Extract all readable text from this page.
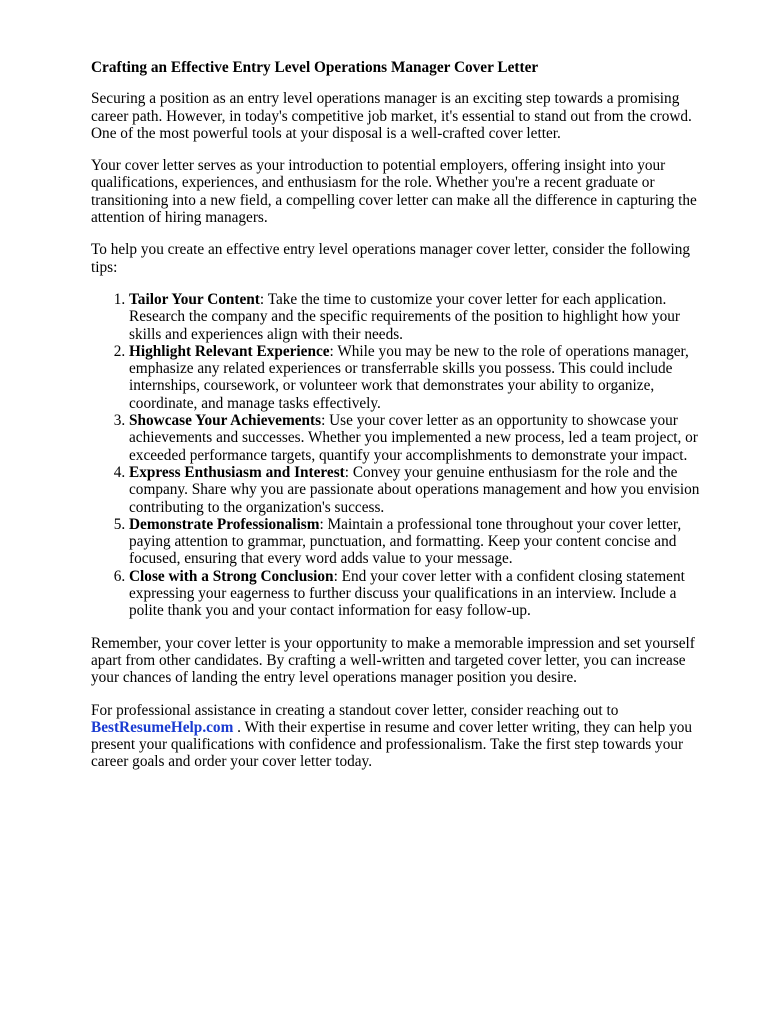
Crafting an Effective Entry Level Operations Manager Cover Letter

Securing a position as an entry level operations manager is an exciting step towards a promising career path. However, in today's competitive job market, it's essential to stand out from the crowd. One of the most powerful tools at your disposal is a well-crafted cover letter.

Your cover letter serves as your introduction to potential employers, offering insight into your qualifications, experiences, and enthusiasm for the role. Whether you're a recent graduate or transitioning into a new field, a compelling cover letter can make all the difference in capturing the attention of hiring managers.

To help you create an effective entry level operations manager cover letter, consider the following tips:

1. Tailor Your Content: Take the time to customize your cover letter for each application. Research the company and the specific requirements of the position to highlight how your skills and experiences align with their needs.
2. Highlight Relevant Experience: While you may be new to the role of operations manager, emphasize any related experiences or transferrable skills you possess. This could include internships, coursework, or volunteer work that demonstrates your ability to organize, coordinate, and manage tasks effectively.
3. Showcase Your Achievements: Use your cover letter as an opportunity to showcase your achievements and successes. Whether you implemented a new process, led a team project, or exceeded performance targets, quantify your accomplishments to demonstrate your impact.
4. Express Enthusiasm and Interest: Convey your genuine enthusiasm for the role and the company. Share why you are passionate about operations management and how you envision contributing to the organization's success.
5. Demonstrate Professionalism: Maintain a professional tone throughout your cover letter, paying attention to grammar, punctuation, and formatting. Keep your content concise and focused, ensuring that every word adds value to your message.
6. Close with a Strong Conclusion: End your cover letter with a confident closing statement expressing your eagerness to further discuss your qualifications in an interview. Include a polite thank you and your contact information for easy follow-up.

Remember, your cover letter is your opportunity to make a memorable impression and set yourself apart from other candidates. By crafting a well-written and targeted cover letter, you can increase your chances of landing the entry level operations manager position you desire.

For professional assistance in creating a standout cover letter, consider reaching out to BestResumeHelp.com . With their expertise in resume and cover letter writing, they can help you present your qualifications with confidence and professionalism. Take the first step towards your career goals and order your cover letter today.
